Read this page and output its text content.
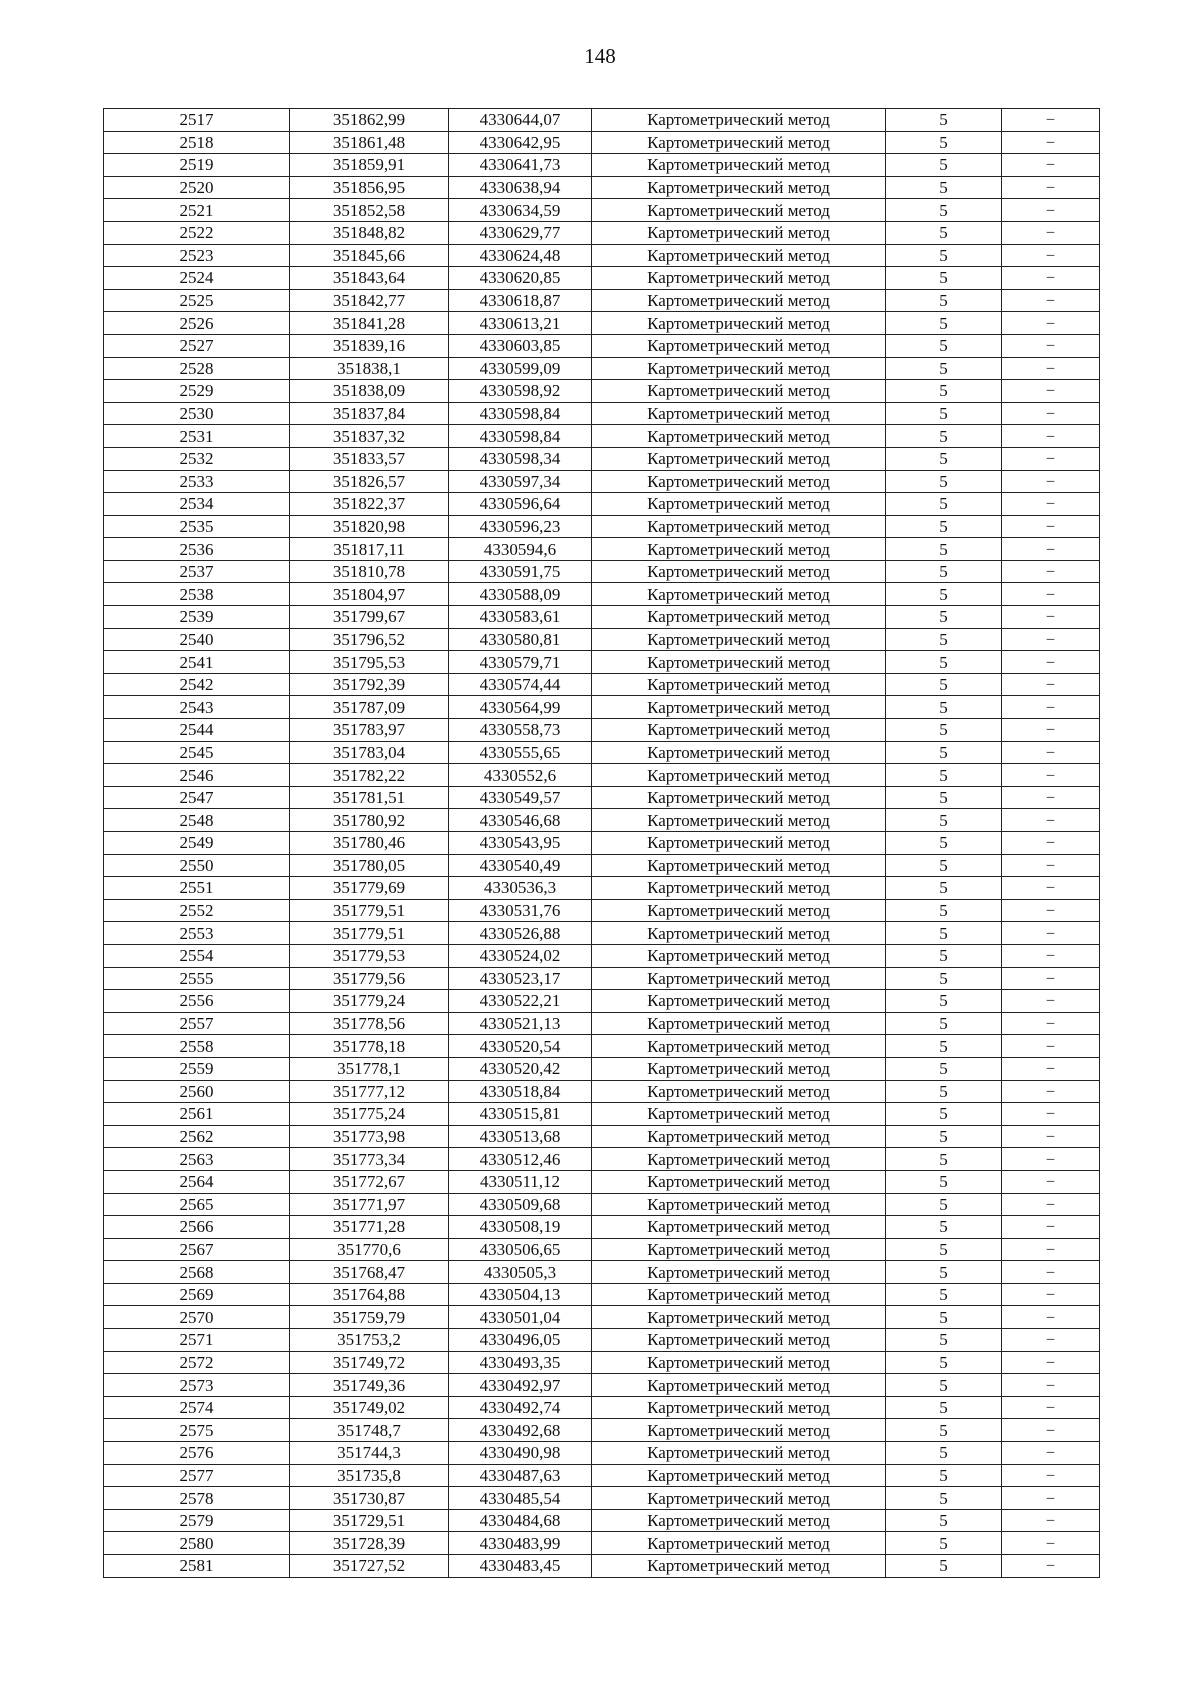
148
2517	351862,99	4330644,07	Картометрический метод	5	–
2518	351861,48	4330642,95	Картометрический метод	5	–
2519	351859,91	4330641,73	Картометрический метод	5	–
2520	351856,95	4330638,94	Картометрический метод	5	–
2521	351852,58	4330634,59	Картометрический метод	5	–
2522	351848,82	4330629,77	Картометрический метод	5	–
2523	351845,66	4330624,48	Картометрический метод	5	–
2524	351843,64	4330620,85	Картометрический метод	5	–
2525	351842,77	4330618,87	Картометрический метод	5	–
2526	351841,28	4330613,21	Картометрический метод	5	–
2527	351839,16	4330603,85	Картометрический метод	5	–
2528	351838,1	4330599,09	Картометрический метод	5	–
2529	351838,09	4330598,92	Картометрический метод	5	–
2530	351837,84	4330598,84	Картометрический метод	5	–
2531	351837,32	4330598,84	Картометрический метод	5	–
2532	351833,57	4330598,34	Картометрический метод	5	–
2533	351826,57	4330597,34	Картометрический метод	5	–
2534	351822,37	4330596,64	Картометрический метод	5	–
2535	351820,98	4330596,23	Картометрический метод	5	–
2536	351817,11	4330594,6	Картометрический метод	5	–
2537	351810,78	4330591,75	Картометрический метод	5	–
2538	351804,97	4330588,09	Картометрический метод	5	–
2539	351799,67	4330583,61	Картометрический метод	5	–
2540	351796,52	4330580,81	Картометрический метод	5	–
2541	351795,53	4330579,71	Картометрический метод	5	–
2542	351792,39	4330574,44	Картометрический метод	5	–
2543	351787,09	4330564,99	Картометрический метод	5	–
2544	351783,97	4330558,73	Картометрический метод	5	–
2545	351783,04	4330555,65	Картометрический метод	5	–
2546	351782,22	4330552,6	Картометрический метод	5	–
2547	351781,51	4330549,57	Картометрический метод	5	–
2548	351780,92	4330546,68	Картометрический метод	5	–
2549	351780,46	4330543,95	Картометрический метод	5	–
2550	351780,05	4330540,49	Картометрический метод	5	–
2551	351779,69	4330536,3	Картометрический метод	5	–
2552	351779,51	4330531,76	Картометрический метод	5	–
2553	351779,51	4330526,88	Картометрический метод	5	–
2554	351779,53	4330524,02	Картометрический метод	5	–
2555	351779,56	4330523,17	Картометрический метод	5	–
2556	351779,24	4330522,21	Картометрический метод	5	–
2557	351778,56	4330521,13	Картометрический метод	5	–
2558	351778,18	4330520,54	Картометрический метод	5	–
2559	351778,1	4330520,42	Картометрический метод	5	–
2560	351777,12	4330518,84	Картометрический метод	5	–
2561	351775,24	4330515,81	Картометрический метод	5	–
2562	351773,98	4330513,68	Картометрический метод	5	–
2563	351773,34	4330512,46	Картометрический метод	5	–
2564	351772,67	4330511,12	Картометрический метод	5	–
2565	351771,97	4330509,68	Картометрический метод	5	–
2566	351771,28	4330508,19	Картометрический метод	5	–
2567	351770,6	4330506,65	Картометрический метод	5	–
2568	351768,47	4330505,3	Картометрический метод	5	–
2569	351764,88	4330504,13	Картометрический метод	5	–
2570	351759,79	4330501,04	Картометрический метод	5	–
2571	351753,2	4330496,05	Картометрический метод	5	–
2572	351749,72	4330493,35	Картометрический метод	5	–
2573	351749,36	4330492,97	Картометрический метод	5	–
2574	351749,02	4330492,74	Картометрический метод	5	–
2575	351748,7	4330492,68	Картометрический метод	5	–
2576	351744,3	4330490,98	Картометрический метод	5	–
2577	351735,8	4330487,63	Картометрический метод	5	–
2578	351730,87	4330485,54	Картометрический метод	5	–
2579	351729,51	4330484,68	Картометрический метод	5	–
2580	351728,39	4330483,99	Картометрический метод	5	–
2581	351727,52	4330483,45	Картометрический метод	5	–
